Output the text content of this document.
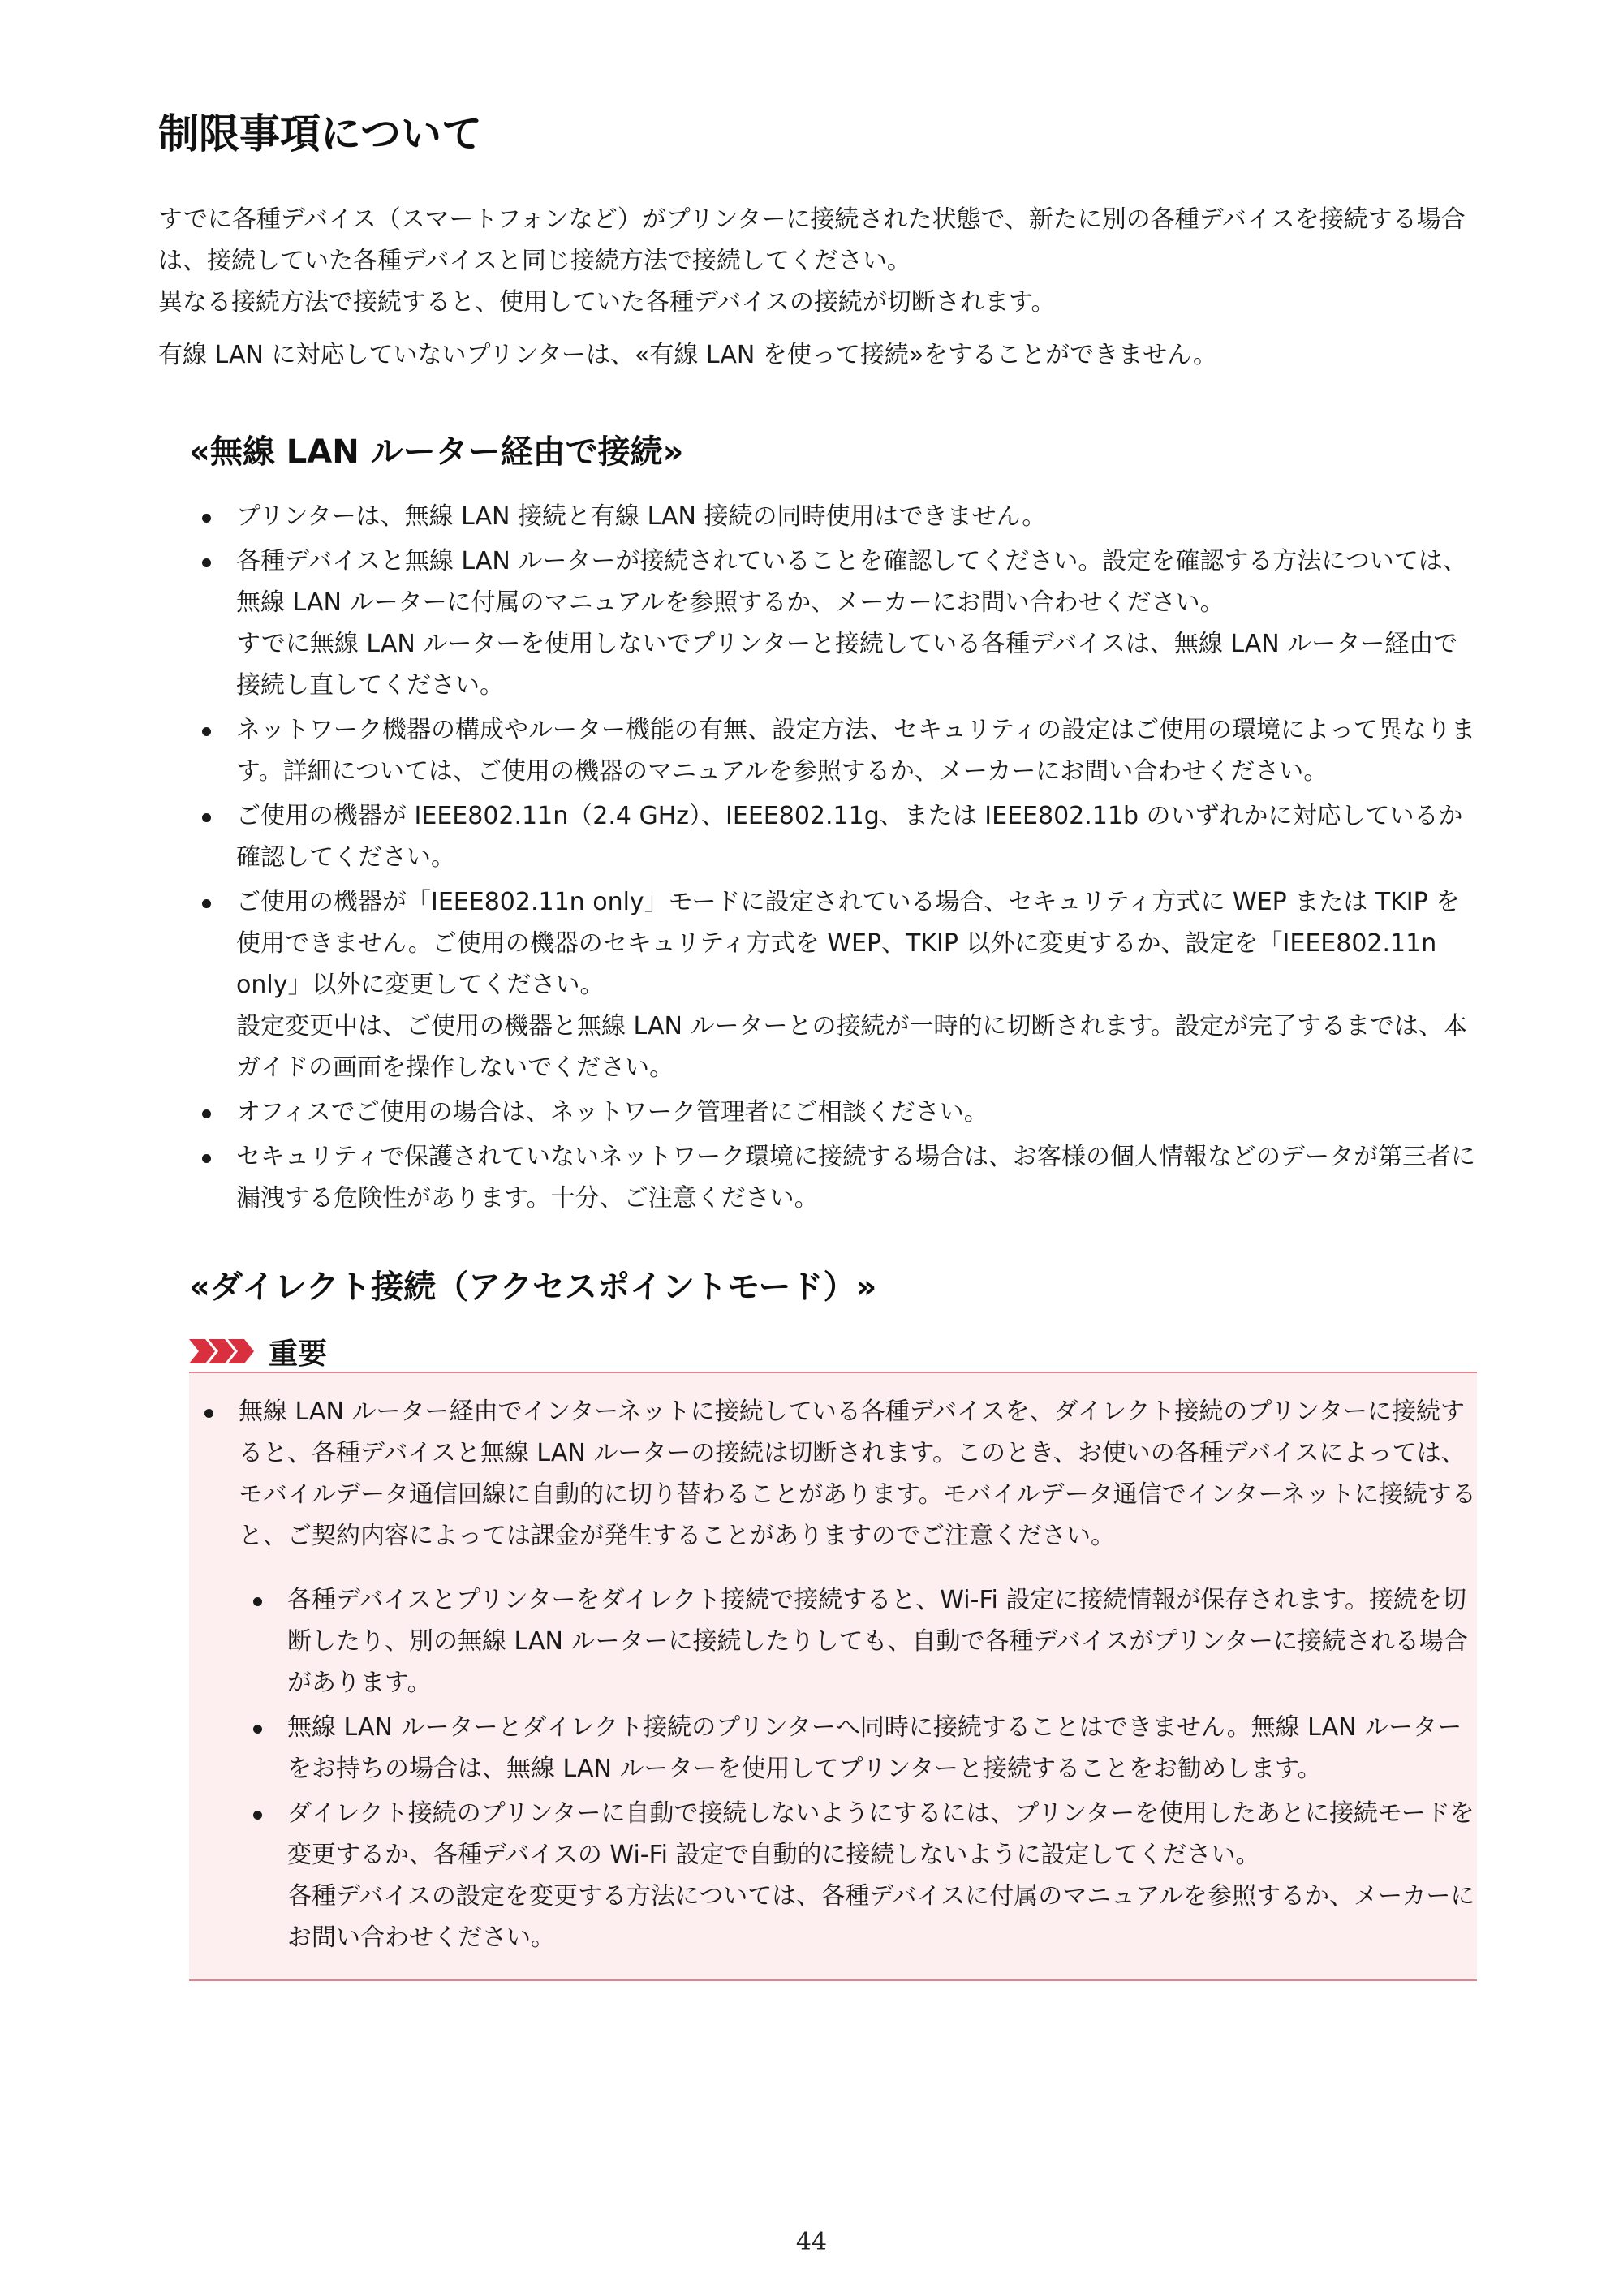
制限事項について

すでに各種デバイス（スマートフォンなど）がプリンターに接続された状態で、新たに別の各種デバイスを接続する場合は、接続していた各種デバイスと同じ接続方法で接続してください。
異なる接続方法で接続すると、使用していた各種デバイスの接続が切断されます。

有線 LAN に対応していないプリンターは、«有線 LAN を使って接続»をすることができません。

«無線 LAN ルーター経由で接続»
プリンターは、無線 LAN 接続と有線 LAN 接続の同時使用はできません。
各種デバイスと無線 LAN ルーターが接続されていることを確認してください。設定を確認する方法については、無線 LAN ルーターに付属のマニュアルを参照するか、メーカーにお問い合わせください。
すでに無線 LAN ルーターを使用しないでプリンターと接続している各種デバイスは、無線 LAN ルーター経由で接続し直してください。
ネットワーク機器の構成やルーター機能の有無、設定方法、セキュリティの設定はご使用の環境によって異なります。詳細については、ご使用の機器のマニュアルを参照するか、メーカーにお問い合わせください。
ご使用の機器が IEEE802.11n（2.4 GHz）、IEEE802.11g、または IEEE802.11b のいずれかに対応しているか確認してください。
ご使用の機器が「IEEE802.11n only」モードに設定されている場合、セキュリティ方式に WEP または TKIP を使用できません。ご使用の機器のセキュリティ方式を WEP、TKIP 以外に変更するか、設定を「IEEE802.11n only」以外に変更してください。
設定変更中は、ご使用の機器と無線 LAN ルーターとの接続が一時的に切断されます。設定が完了するまでは、本ガイドの画面を操作しないでください。
オフィスでご使用の場合は、ネットワーク管理者にご相談ください。
セキュリティで保護されていないネットワーク環境に接続する場合は、お客様の個人情報などのデータが第三者に漏洩する危険性があります。十分、ご注意ください。
«ダイレクト接続（アクセスポイントモード）»
重要
無線 LAN ルーター経由でインターネットに接続している各種デバイスを、ダイレクト接続のプリンターに接続すると、各種デバイスと無線 LAN ルーターの接続は切断されます。このとき、お使いの各種デバイスによっては、モバイルデータ通信回線に自動的に切り替わることがあります。モバイルデータ通信でインターネットに接続すると、ご契約内容によっては課金が発生することがありますのでご注意ください。
各種デバイスとプリンターをダイレクト接続で接続すると、Wi-Fi 設定に接続情報が保存されます。接続を切断したり、別の無線 LAN ルーターに接続したりしても、自動で各種デバイスがプリンターに接続される場合があります。
無線 LAN ルーターとダイレクト接続のプリンターへ同時に接続することはできません。無線 LAN ルーターをお持ちの場合は、無線 LAN ルーターを使用してプリンターと接続することをお勧めします。
ダイレクト接続のプリンターに自動で接続しないようにするには、プリンターを使用したあとに接続モードを変更するか、各種デバイスの Wi-Fi 設定で自動的に接続しないように設定してください。
各種デバイスの設定を変更する方法については、各種デバイスに付属のマニュアルを参照するか、メーカーにお問い合わせください。
44
